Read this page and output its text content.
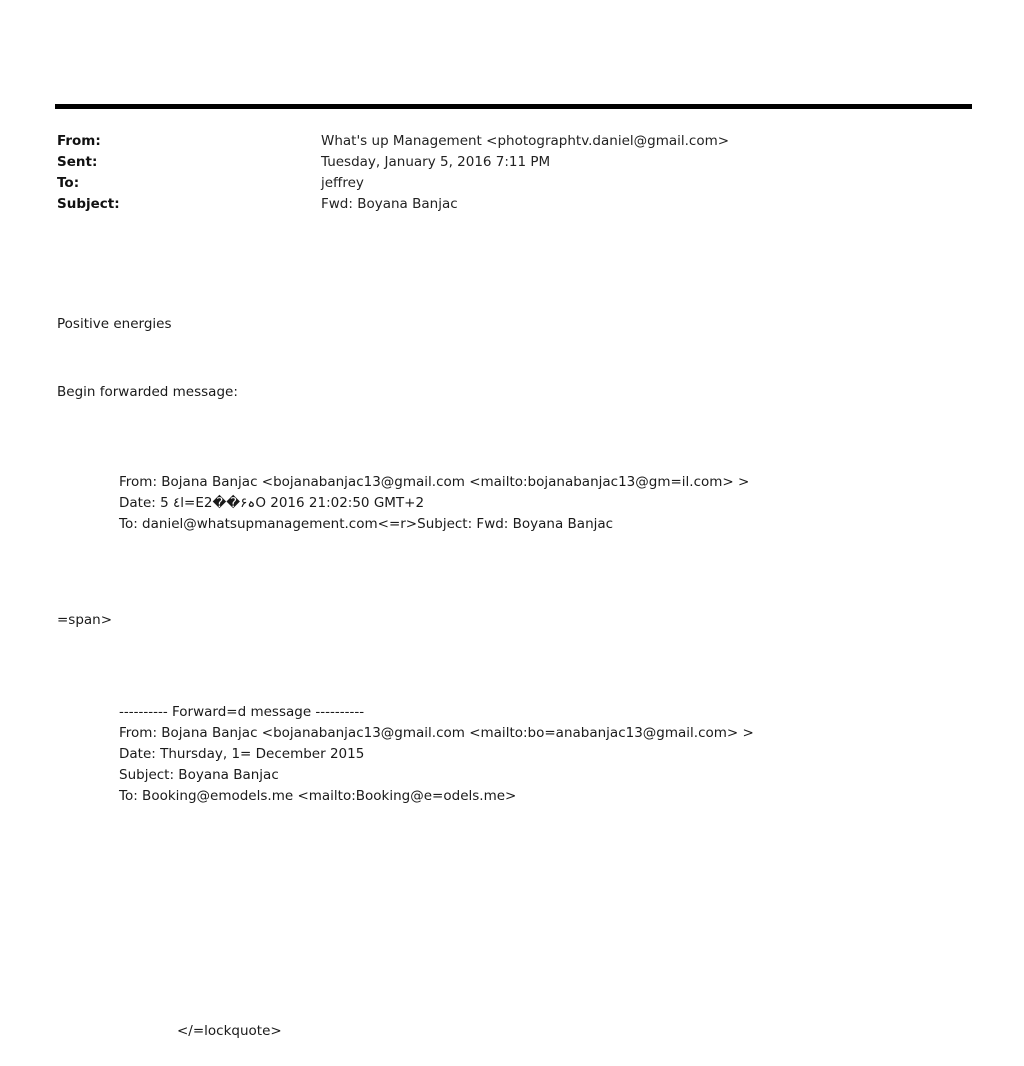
From:	What's up Management <photographtv.daniel@gmail.com>
Sent:	Tuesday, January 5, 2016 7:11 PM
To:	jeffrey
Subject:	Fwd: Boyana Banjac
Positive energies
Begin forwarded message:
From: Bojana Banjac <bojanabanjac13@gmail.com <mailto:bojanabanjac13@gm=il.com> >
Date: 5 ٤l=E2��ہ۶O 2016 21:02:50 GMT+2
To: daniel@whatsupmanagement.com<=r>Subject: Fwd: Boyana Banjac
=span>
---------- Forward=d message ----------
From: Bojana Banjac <bojanabanjac13@gmail.com <mailto:bo=anabanjac13@gmail.com> >
Date: Thursday, 1= December 2015
Subject: Boyana Banjac
To: Booking@emodels.me <mailto:Booking@e=odels.me>
</=lockquote>
